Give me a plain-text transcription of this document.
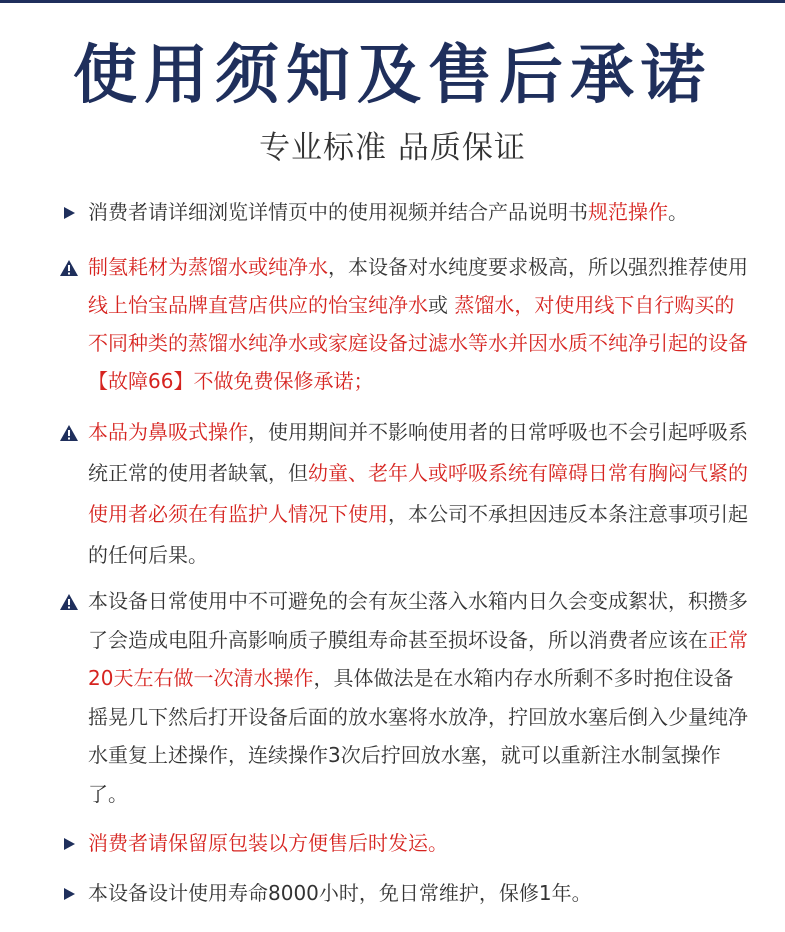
使用须知及售后承诺
专业标准 品质保证
消费者请详细浏览详情页中的使用视频并结合产品说明书规范操作。
制氢耗材为蒸馏水或纯净水，本设备对水纯度要求极高，所以强烈推荐使用线上怡宝品牌直营店供应的怡宝纯净水或 蒸馏水，对使用线下自行购买的不同种类的蒸馏水纯净水或家庭设备过滤水等水并因水质不纯净引起的设备【故障66】不做免费保修承诺；
本品为鼻吸式操作，使用期间并不影响使用者的日常呼吸也不会引起呼吸系统正常的使用者缺氧，但幼童、老年人或呼吸系统有障碍日常有胸闷气紧的使用者必须在有监护人情况下使用，本公司不承担因违反本条注意事项引起的任何后果。
本设备日常使用中不可避免的会有灰尘落入水箱内日久会变成絮状，积攒多了会造成电阻升高影响质子膜组寿命甚至损坏设备，所以消费者应该在正常20天左右做一次清水操作，具体做法是在水箱内存水所剩不多时抱住设备摇晃几下然后打开设备后面的放水塞将水放净，拧回放水塞后倒入少量纯净水重复上述操作，连续操作3次后拧回放水塞，就可以重新注水制氢操作了。
消费者请保留原包装以方便售后时发运。
本设备设计使用寿命8000小时，免日常维护，保修1年。
